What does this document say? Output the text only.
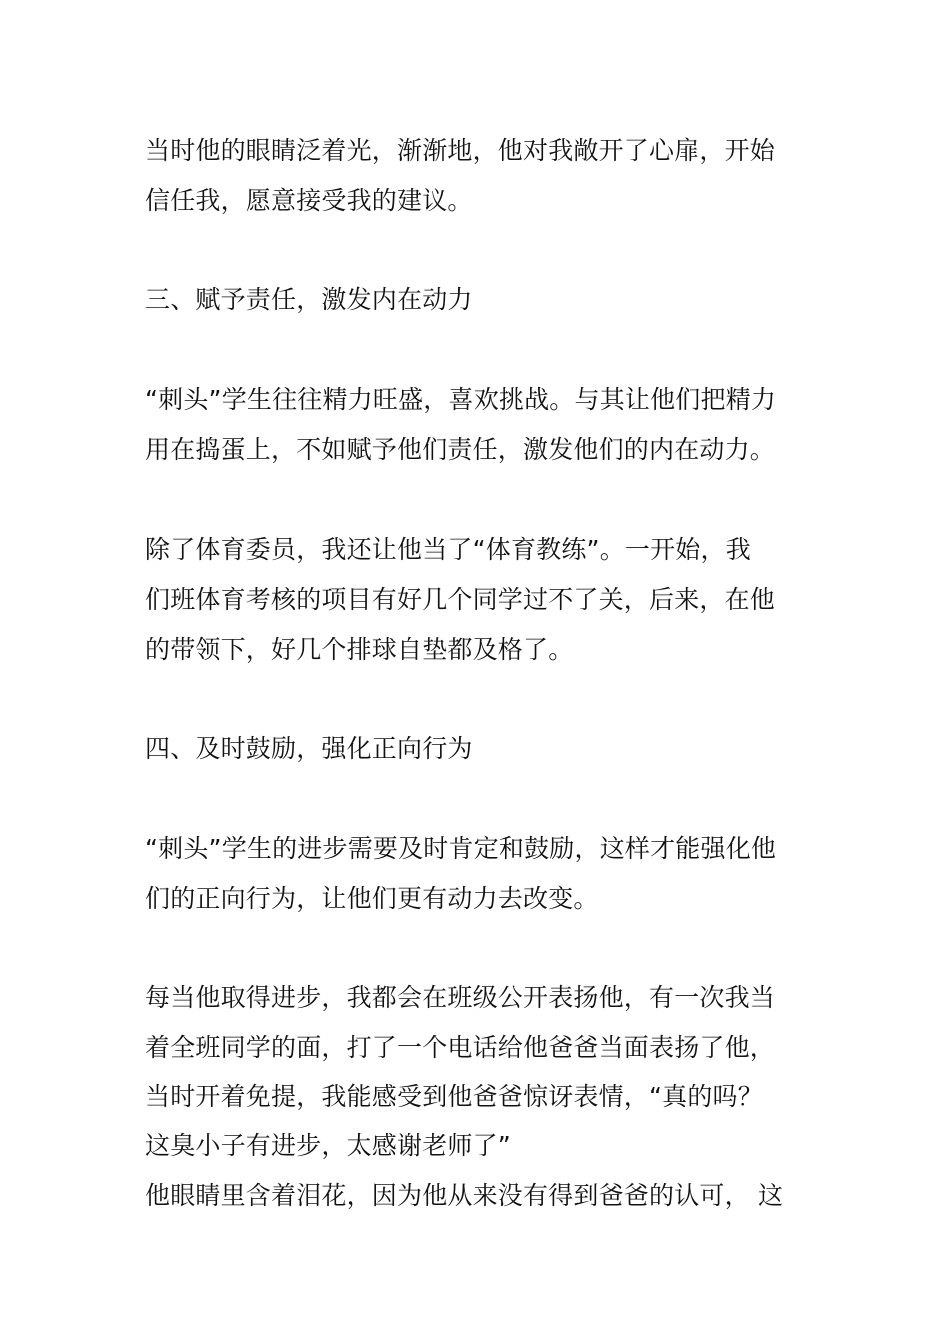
当时他的眼睛泛着光，渐渐地，他对我敞开了心扉，开始
信任我，愿意接受我的建议。
三、赋予责任，激发内在动力
“刺头”学生往往精力旺盛，喜欢挑战。与其让他们把精力
用在捣蛋上，不如赋予他们责任，激发他们的内在动力。
除了体育委员，我还让他当了“体育教练”。一开始，我
们班体育考核的项目有好几个同学过不了关，后来，在他
的带领下，好几个排球自垫都及格了。
四、及时鼓励，强化正向行为
“刺头”学生的进步需要及时肯定和鼓励，这样才能强化他
们的正向行为，让他们更有动力去改变。
每当他取得进步，我都会在班级公开表扬他，有一次我当
着全班同学的面，打了一个电话给他爸爸当面表扬了他，
当时开着免提，我能感受到他爸爸惊讶表情，“真的吗？
这臭小子有进步，太感谢老师了”
他眼睛里含着泪花，因为他从来没有得到爸爸的认可， 这
